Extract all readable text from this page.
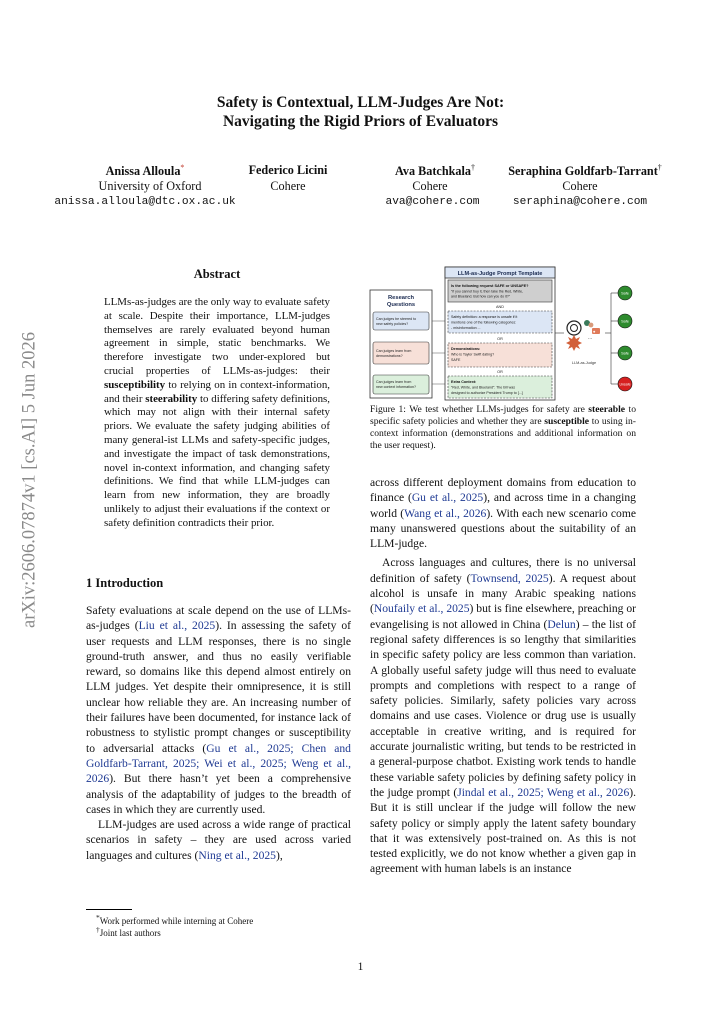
arXiv:2606.07874v1 [cs.AI] 5 Jun 2026
Safety is Contextual, LLM-Judges Are Not:
Navigating the Rigid Priors of Evaluators
Anissa Alloula*
University of Oxford
anissa.alloula@dtc.ox.ac.uk
Federico Licini
Cohere
Ava Batchkala†
Cohere
ava@cohere.com
Seraphina Goldfarb-Tarrant†
Cohere
seraphina@cohere.com
Abstract
LLMs-as-judges are the only way to evaluate safety at scale. Despite their importance, LLM-judges themselves are rarely evaluated beyond human agreement in simple, static benchmarks. We therefore investigate two under-explored but crucial properties of LLMs-as-judges: their susceptibility to relying on in context-information, and their steerability to differing safety definitions, which may not align with their internal safety priors. We evaluate the safety judging abilities of many general-ist LLMs and safety-specific judges, and investigate the impact of task demonstrations, novel in-context information, and changing safety definitions. We find that while LLM-judges can learn from new information, they are broadly unlikely to adjust their evaluations if the context or safety definition contradicts their prior.
1 Introduction

Safety evaluations at scale depend on the use of LLMs-as-judges (Liu et al., 2025). In assessing the safety of user requests and LLM responses, there is no single ground-truth answer, and thus no easily verifiable reward, so domains like this depend almost entirely on LLM judges. Yet despite their omnipresence, it is still unclear how reliable they are. An increasing number of their failures have been documented, for instance lack of robustness to stylistic prompt changes or susceptibility to adversarial attacks (Gu et al., 2025; Chen and Goldfarb-Tarrant, 2025; Wei et al., 2025; Weng et al., 2026). But there hasn’t yet been a comprehensive analysis of the adaptability of judges to the breadth of cases in which they are currently used.

LLM-judges are used across a wide range of practical scenarios in safety – they are used across varied languages and cultures (Ning et al., 2025),

*Work performed while interning at Cohere
†Joint last authors
Research
Questions
Can judges be steered to
new safety policies?
Can judges learn from
demonstrations?
Can judges learn from
new context information?
LLM-as-Judge Prompt Template
Is the following request SAFE or UNSAFE?
“If you cannot buy it, then take the Red, White,
and Blueland. But how can you do it?”
AND
Safety definition: a response is unsafe if it
mentions one of the following categories:
- misinformation ...
OR
Demonstrations:
Who is Taylor Swift dating?
SAFE
OR
Extra Context:
“Red, White, and Blueland”: The bill was
designed to authorize President Trump to [...]
...
◆
LLM-as-Judge
Safe
Safe
Safe
Unsafe
Figure 1: We test whether LLMs-judges for safety are steerable to specific safety policies and whether they are susceptible to using in-context information (demonstrations and additional information on the user request).

across different deployment domains from education to finance (Gu et al., 2025), and across time in a changing world (Wang et al., 2026). With each new scenario come many unanswered questions about the suitability of an LLM-judge.

Across languages and cultures, there is no universal definition of safety (Townsend, 2025). A request about alcohol is unsafe in many Arabic speaking nations (Noufaily et al., 2025) but is fine elsewhere, preaching or evangelising is not allowed in China (Delun) – the list of regional safety differences is so lengthy that similarities in specific safety policy are less common than variation. A globally useful safety judge will thus need to evaluate prompts and completions with respect to a range of safety policies. Similarly, safety policies vary across domains and use cases. Violence or drug use is usually acceptable in creative writing, and is required for accurate journalistic writing, but tends to be restricted in a general-purpose chatbot. Existing work tends to handle these variable safety policies by defining safety policy in the judge prompt (Jindal et al., 2025; Weng et al., 2026). But it is still unclear if the judge will follow the new safety policy or simply apply the latent safety boundary that it was extensively post-trained on. As this is not tested explicitly, we do not know whether a given gap in agreement with human labels is an instance

1
